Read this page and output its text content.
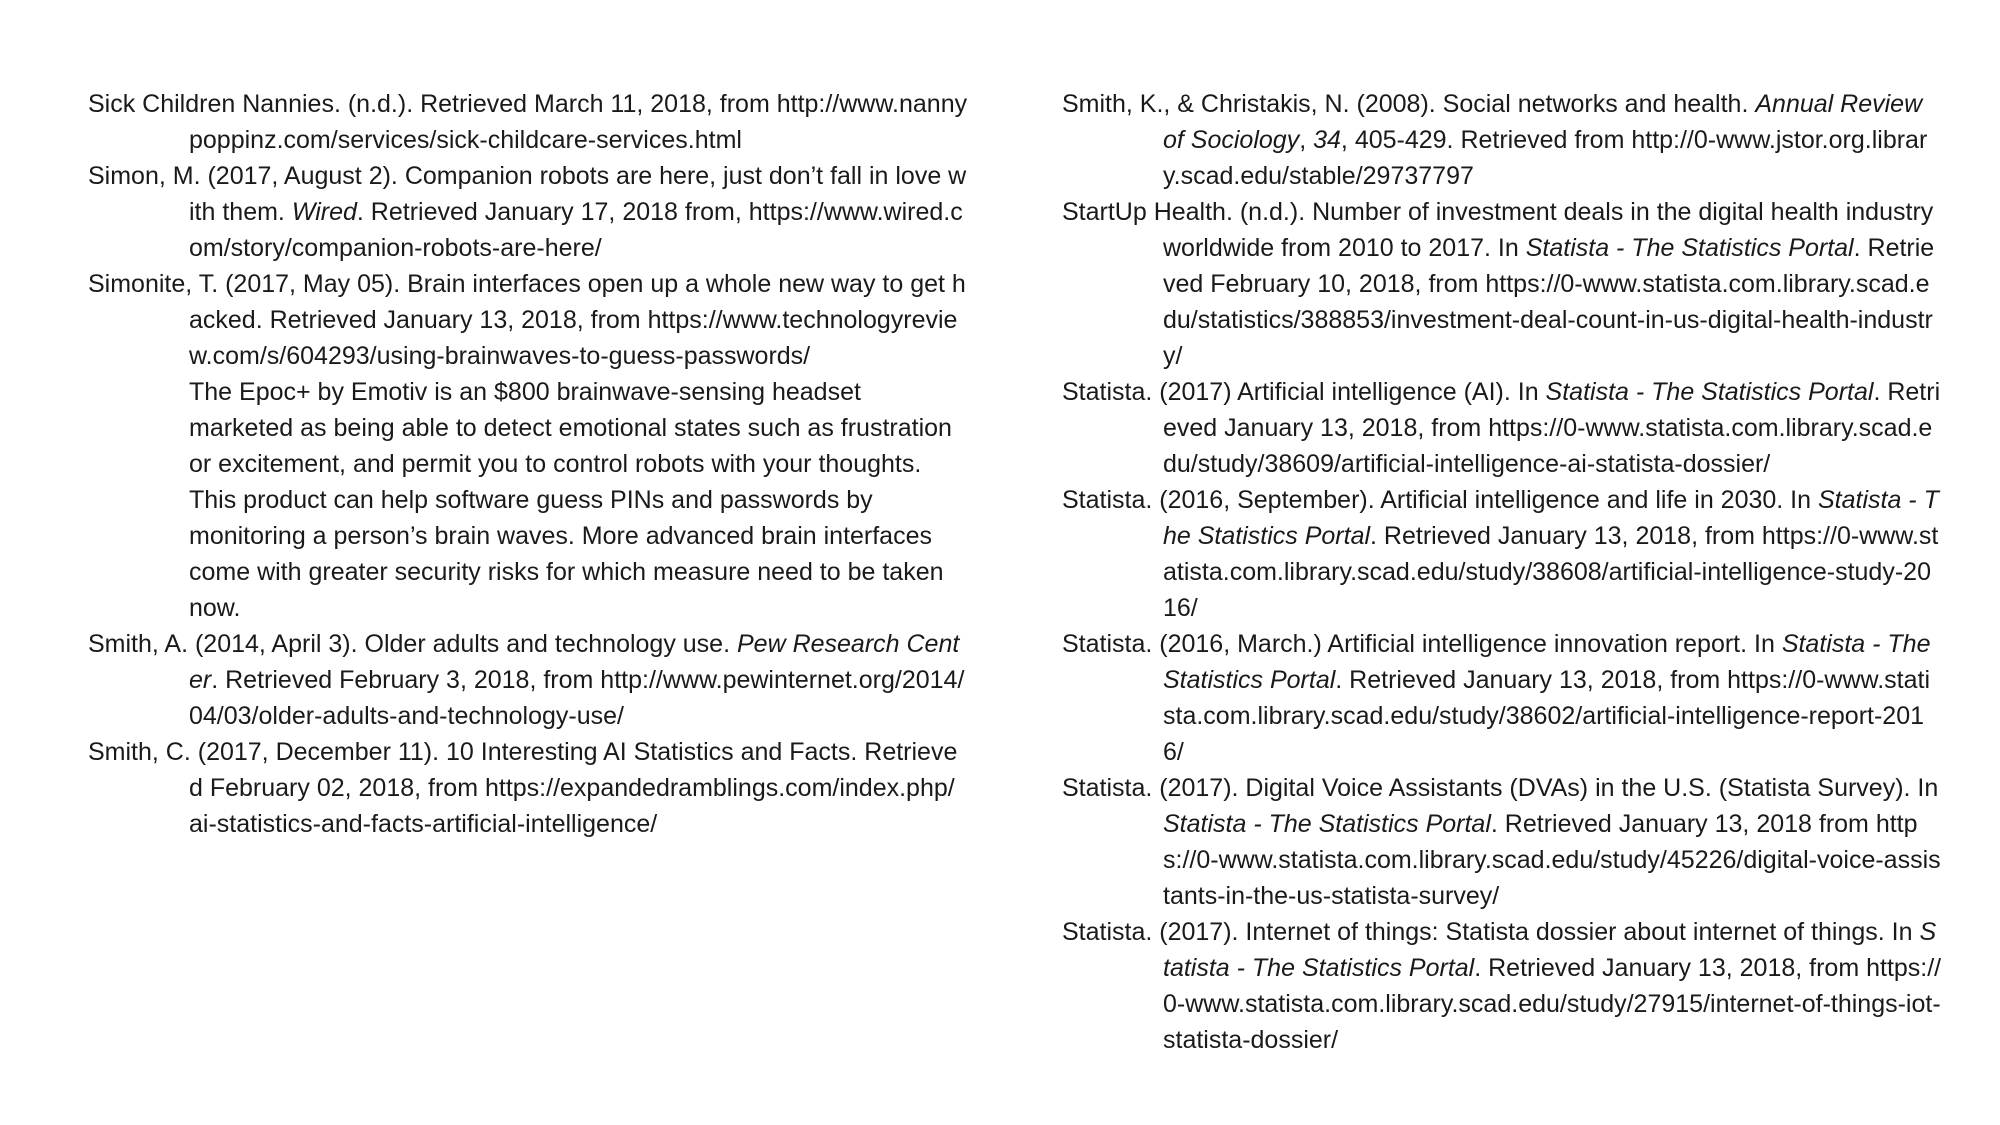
Sick Children Nannies. (n.d.). Retrieved March 11, 2018, from http://www.nannypoppinz.com/services/sick-childcare-services.html

Simon, M. (2017, August 2). Companion robots are here, just don’t fall in love with them. Wired. Retrieved January 17, 2018 from, https://www.wired.com/story/companion-robots-are-here/

Simonite, T. (2017, May 05). Brain interfaces open up a whole new way to get hacked. Retrieved January 13, 2018, from https://www.technologyreview.com/s/604293/using-brainwaves-to-guess-passwords/

The Epoc+ by Emotiv is an $800 brainwave-sensing headset marketed as being able to detect emotional states such as frustration or excitement, and permit you to control robots with your thoughts. This product can help software guess PINs and passwords by monitoring a person’s brain waves. More advanced brain interfaces come with greater security risks for which measure need to be taken now.

Smith, A. (2014, April 3). Older adults and technology use. Pew Research Center. Retrieved February 3, 2018, from http://www.pewinternet.org/2014/04/03/older-adults-and-technology-use/

Smith, C. (2017, December 11). 10 Interesting AI Statistics and Facts. Retrieved February 02, 2018, from https://expandedramblings.com/index.php/ai-statistics-and-facts-artificial-intelligence/

Smith, K., & Christakis, N. (2008). Social networks and health. Annual Review of Sociology, 34, 405-429. Retrieved from http://0-www.jstor.org.library.scad.edu/stable/29737797

StartUp Health. (n.d.). Number of investment deals in the digital health industry worldwide from 2010 to 2017. In Statista - The Statistics Portal. Retrieved February 10, 2018, from https://0-www.statista.com.library.scad.edu/statistics/388853/investment-deal-count-in-us-digital-health-industry/

Statista. (2017) Artificial intelligence (AI). In Statista - The Statistics Portal. Retrieved January 13, 2018, from https://0-www.statista.com.library.scad.edu/study/38609/artificial-intelligence-ai-statista-dossier/

Statista. (2016, September). Artificial intelligence and life in 2030. In Statista - The Statistics Portal. Retrieved January 13, 2018, from https://0-www.statista.com.library.scad.edu/study/38608/artificial-intelligence-study-2016/

Statista. (2016, March.) Artificial intelligence innovation report. In Statista - The Statistics Portal. Retrieved January 13, 2018, from https://0-www.statista.com.library.scad.edu/study/38602/artificial-intelligence-report-2016/

Statista. (2017). Digital Voice Assistants (DVAs) in the U.S. (Statista Survey). In Statista - The Statistics Portal. Retrieved January 13, 2018 from https://0-www.statista.com.library.scad.edu/study/45226/digital-voice-assistants-in-the-us-statista-survey/

Statista. (2017). Internet of things: Statista dossier about internet of things. In Statista - The Statistics Portal. Retrieved January 13, 2018, from https://0-www.statista.com.library.scad.edu/study/27915/internet-of-things-iot-statista-dossier/
